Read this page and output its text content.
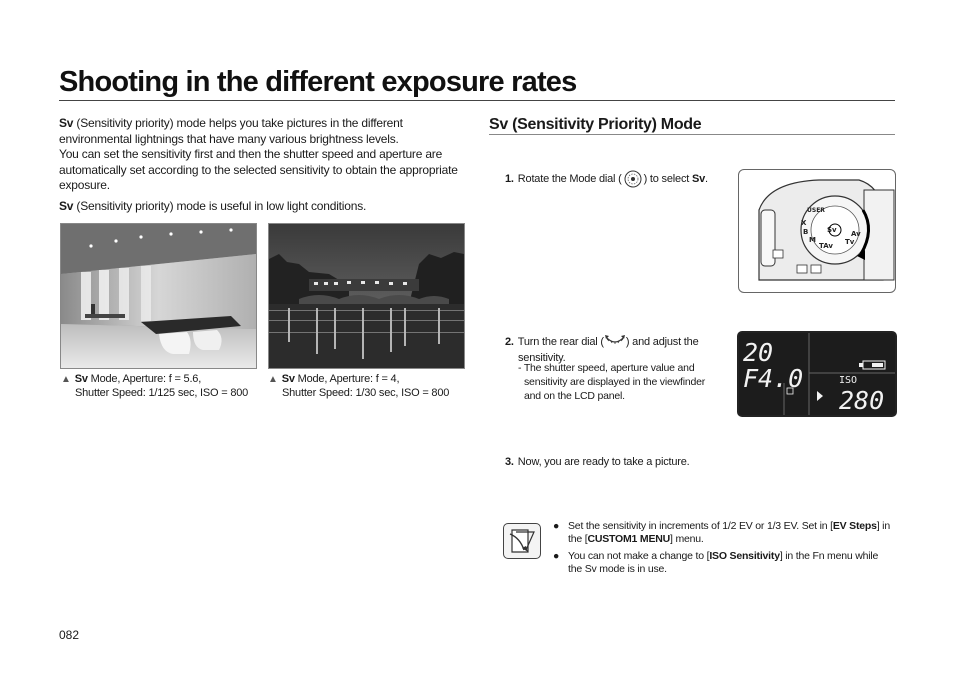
Shooting in the different exposure rates

Sv (Sensitivity priority) mode helps you take pictures in the different environmental lightnings that have many various brightness levels.

You can set the sensitivity first and then the shutter speed and aperture are automatically set according to the selected sensitivity to obtain the appropriate exposure.

Sv (Sensitivity priority) mode is useful in low light conditions.

▲ Sv Mode, Aperture: f = 5.6,
Shutter Speed: 1/125 sec, ISO = 800
▲ Sv Mode, Aperture: f = 4,
Shutter Speed: 1/30 sec, ISO = 800
Sv (Sensitivity Priority) Mode
1. Rotate the Mode dial ( ) to select Sv.
Sv
Tv
Av
TAv
M
B
X
USER
2. Turn the rear dial ( ) and adjust the
sensitivity.
- The shutter speed, aperture value and
sensitivity are displayed in the viewfinder
and on the LCD panel.
20
F4.0	ISO
280
3. Now, you are ready to take a picture.
● Set the sensitivity in increments of 1/2 EV or 1/3 EV. Set in [EV Steps] in the [CUSTOM1 MENU] menu.
● You can not make a change to [ISO Sensitivity] in the Fn menu while the Sv mode is in use.
082
